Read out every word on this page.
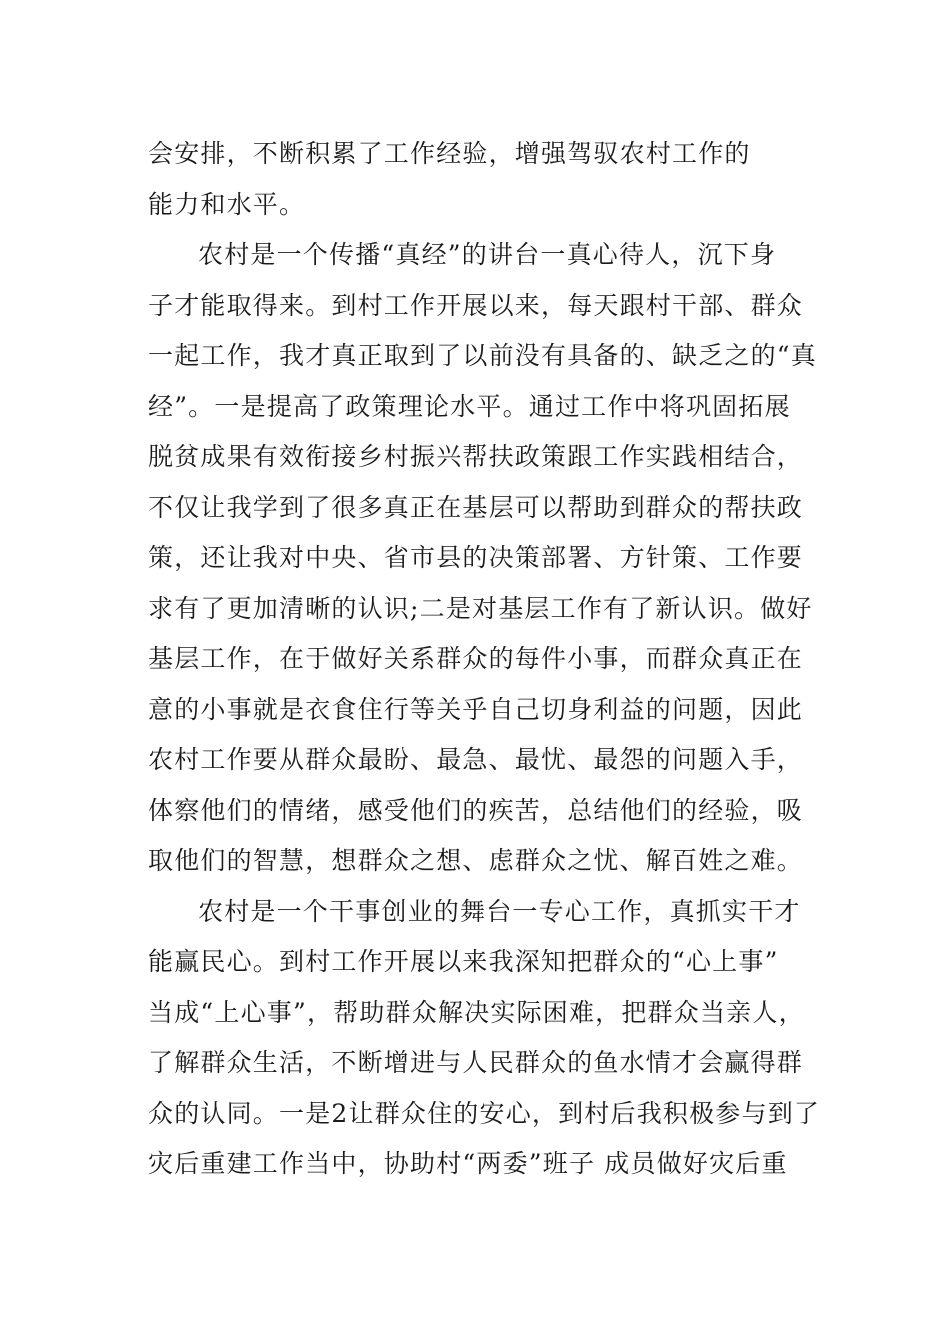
会安排，不断积累了工作经验，增强驾驭农村工作的
能力和水平。
农村是一个传播“真经”的讲台一真心待人，沉下身
子才能取得来。到村工作开展以来，每天跟村干部、群众
一起工作，我才真正取到了以前没有具备的、缺乏之的“真
经”。一是提高了政策理论水平。通过工作中将巩固拓展
脱贫成果有效衔接乡村振兴帮扶政策跟工作实践相结合，
不仅让我学到了很多真正在基层可以帮助到群众的帮扶政
策，还让我对中央、省市县的决策部署、方针策、工作要
求有了更加清晰的认识;二是对基层工作有了新认识。做好
基层工作，在于做好关系群众的每件小事，而群众真正在
意的小事就是衣食住行等关乎自己切身利益的问题，因此
农村工作要从群众最盼、最急、最忧、最怨的问题入手，
体察他们的情绪，感受他们的疾苦，总结他们的经验，吸
取他们的智慧，想群众之想、虑群众之忧、解百姓之难。
农村是一个干事创业的舞台一专心工作，真抓实干才
能赢民心。到村工作开展以来我深知把群众的“心上事”
当成“上心事”，帮助群众解决实际困难，把群众当亲人，
了解群众生活，不断增进与人民群众的鱼水情才会赢得群
众的认同。一是2让群众住的安心，到村后我积极参与到了
灾后重建工作当中，协助村“两委”班子 成员做好灾后重
